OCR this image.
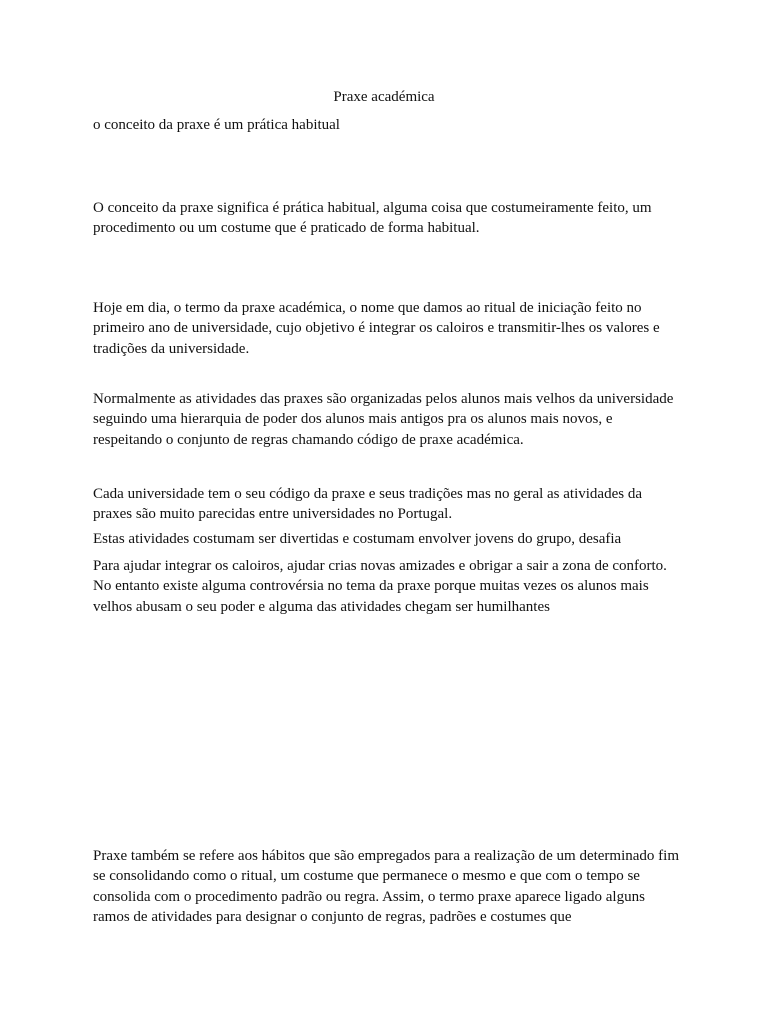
Praxe académica

o conceito da praxe é um prática habitual

O conceito da praxe significa é prática habitual, alguma coisa que costumeiramente feito, um procedimento ou um costume que é praticado de forma habitual.

Hoje em dia, o termo da praxe académica, o nome que damos ao ritual de iniciação feito no primeiro ano de universidade, cujo objetivo é integrar os caloiros e transmitir-lhes os valores e tradições da universidade.

Normalmente as atividades das praxes são organizadas pelos alunos mais velhos da universidade seguindo uma hierarquia de poder dos alunos mais antigos pra os alunos mais novos, e respeitando o conjunto de regras chamando código de praxe académica.

Cada universidade tem o seu código da praxe e seus tradições mas no geral as atividades da praxes são muito parecidas entre universidades no Portugal.

Estas atividades costumam ser divertidas e costumam envolver jovens do grupo, desafia

Para ajudar integrar os caloiros, ajudar crias novas amizades e obrigar a sair a zona de conforto. No entanto existe alguma controvérsia no tema da praxe porque muitas vezes os alunos mais velhos abusam o seu poder e alguma das atividades chegam ser humilhantes

Praxe também se refere aos hábitos que são empregados para a realização de um determinado fim se consolidando como o ritual, um costume que permanece o mesmo e que com o tempo se consolida com o procedimento padrão ou regra. Assim, o termo praxe aparece ligado alguns ramos de atividades para designar o conjunto de regras, padrões e costumes que
